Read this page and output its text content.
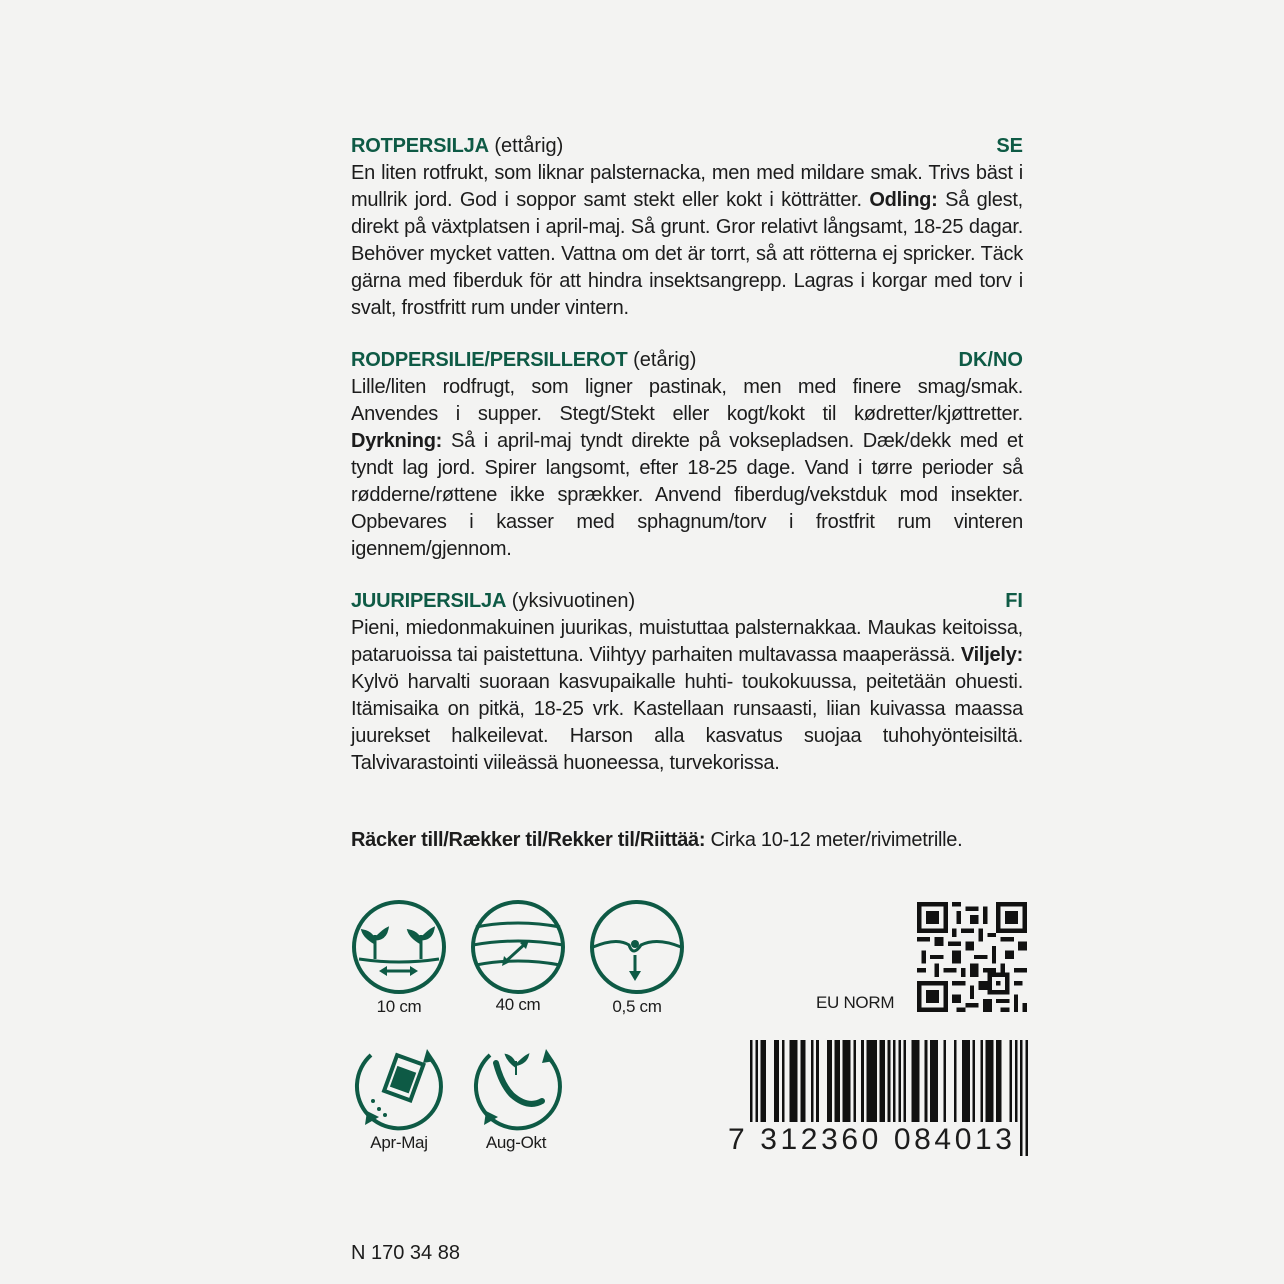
ROTPERSILJA (ettårig)	SE

En liten rotfrukt, som liknar palsternacka, men med mildare smak. Trivs bäst i mullrik jord. God i soppor samt stekt eller kokt i kötträtter. Odling: Så glest, direkt på växtplatsen i april-maj. Så grunt. Gror relativt långsamt, 18-25 dagar. Behöver mycket vatten. Vattna om det är torrt, så att rötterna ej spricker. Täck gärna med fiberduk för att hindra insektsangrepp. Lagras i korgar med torv i svalt, frostfritt rum under vintern.

RODPERSILIE/PERSILLEROT (etårig)	DK/NO

Lille/liten rodfrugt, som ligner pastinak, men med finere smag/smak. Anvendes i supper. Stegt/Stekt eller kogt/kokt til kødretter/kjøttretter. Dyrkning: Så i april-maj tyndt direkte på voksepladsen. Dæk/dekk med et tyndt lag jord. Spirer langsomt, efter 18-25 dage. Vand i tørre perioder så rødderne/røttene ikke sprækker. Anvend fiberdug/vekstduk mod insekter. Opbevares i kasser med sphagnum/torv i frostfrit rum vinteren igennem/gjennom.

JUURIPERSILJA (yksivuotinen)	FI

Pieni, miedonmakuinen juurikas, muistuttaa palsternakkaa. Maukas keitoissa, pataruoissa tai paistettuna. Viihtyy parhaiten multavassa maaperässä. Viljely: Kylvö harvalti suoraan kasvupaikalle huhti- toukokuussa, peitetään ohuesti. Itämisaika on pitkä, 18-25 vrk. Kastellaan runsaasti, liian kuivassa maassa juurekset halkeilevat. Harson alla kasvatus suojaa tuhohyönteisiltä. Talvivarastointi viileässä huoneessa, turvekorissa.

Räcker till/Rækker til/Rekker til/Riittää: Cirka 10-12 meter/rivimetrille.
10 cm	40 cm	0,5 cm
Apr-Maj	Aug-Okt
EU NORM
7 312360 084013
N 170 34 88
